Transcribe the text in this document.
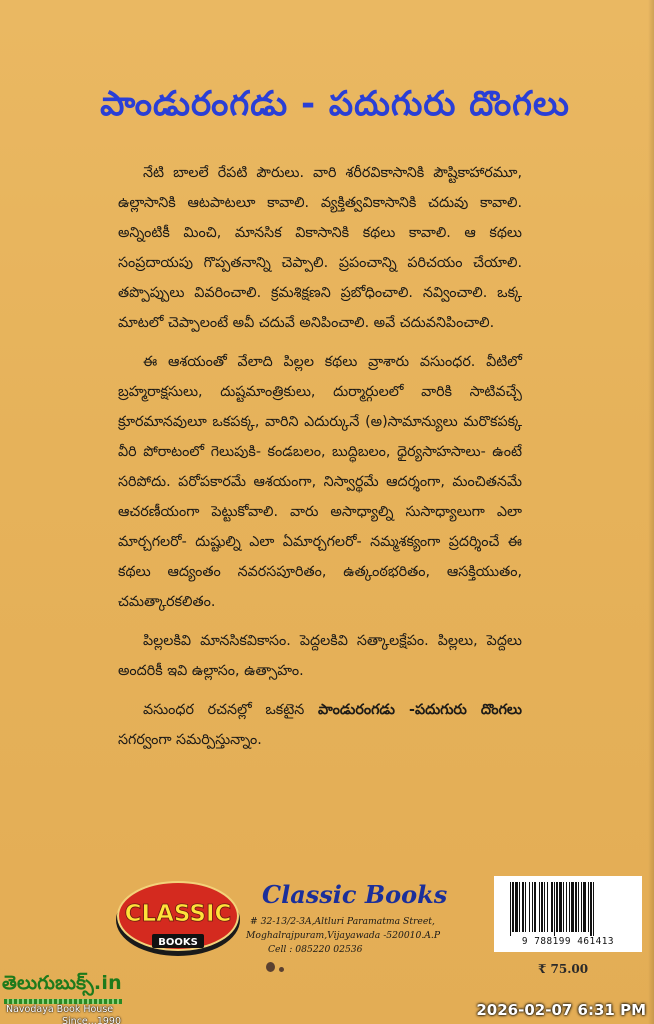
పాండురంగడు - పదుగురు దొంగలు

నేటి బాలలే రేపటి పౌరులు. వారి శరీరవికాసానికి పౌష్టికాహారమూ, ఉల్లాసానికి ఆటపాటలూ కావాలి. వ్యక్తిత్వవికాసానికి చదువు కావాలి. అన్నింటికీ మించి, మానసిక వికాసానికి కథలు కావాలి. ఆ కథలు సంప్రదాయపు గొప్పతనాన్ని చెప్పాలి. ప్రపంచాన్ని పరిచయం చేయాలి. తప్పొప్పులు వివరించాలి. క్రమశిక్షణని ప్రబోధించాలి. నవ్వించాలి. ఒక్క మాటలో చెప్పాలంటే అవీ చదువే అనిపించాలి. అవే చదువనిపించాలి.

ఈ ఆశయంతో వేలాది పిల్లల కథలు వ్రాశారు వసుంధర. వీటిలో బ్రహ్మరాక్షసులు, దుష్టమాంత్రికులు, దుర్మార్గులలో వారికి సాటివచ్చే క్రూరమానవులూ ఒకపక్క, వారిని ఎదుర్కునే (అ)సామాన్యులు మరొకపక్క వీరి పోరాటంలో గెలుపుకి- కండబలం, బుద్ధిబలం, ధైర్యసాహసాలు- ఉంటే సరిపోదు. పరోపకారమే ఆశయంగా, నిస్వార్థమే ఆదర్శంగా, మంచితనమే ఆచరణీయంగా పెట్టుకోవాలి. వారు అసాధ్యాల్ని సుసాధ్యాలుగా ఎలా మార్చగలరో- దుష్టుల్ని ఎలా ఏమార్చగలరో- నమ్మశక్యంగా ప్రదర్శించే ఈ కథలు ఆద్యంతం నవరసపూరితం, ఉత్కంఠభరితం, ఆసక్తియుతం, చమత్కారకలితం.

పిల్లలకివి మానసికవికాసం. పెద్దలకివి సత్కాలక్షేపం. పిల్లలు, పెద్దలు అందరికీ ఇవి ఉల్లాసం, ఉత్సాహం.

వసుంధర రచనల్లో ఒకటైన పాండురంగడు -పదుగురు దొంగలు సగర్వంగా సమర్పిస్తున్నాం.

CLASSIC
BOOKS
Classic Books
# 32-13/2-3A,Altluri Paramatma Street,
Moghalrajpuram,Vijayawada -520010.A.P
Cell : 085220 02536
9 788199 461413
₹ 75.00
తెలుగుబుక్స్.in
Navodaya Book House
Since...1990
2026-02-07 6:31 PM
